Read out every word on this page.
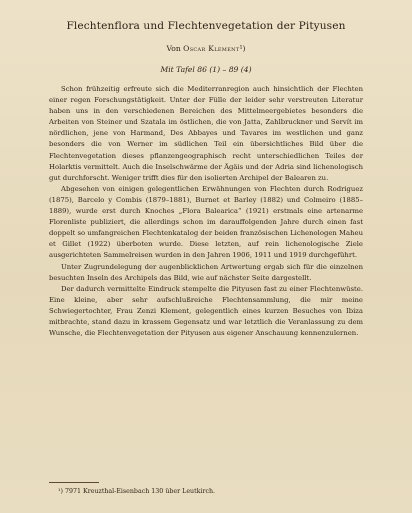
Flechtenflora und Flechtenvegetation der Pityusen
Von Oscar Klement¹)
Mit Tafel 86 (1) – 89 (4)

Schon frühzeitig erfreute sich die Mediterranregion auch hinsichtlich der Flechten einer regen Forschungstätigkeit. Unter der Fülle der leider sehr verstreuten Literatur haben uns in den verschiedenen Bereichen des Mittelmeergebietes besonders die Arbeiten von Steiner und Szatala im östlichen, die von Jatta, Zahlbruckner und Servít im nördlichen, jene von Harmand, Des Abbayes und Tavares im westlichen und ganz besonders die von Werner im südlichen Teil ein übersichtliches Bild über die Flechtenvegetation dieses pflanzengeographisch recht unterschiedlichen Teiles der Holarktis vermittelt. Auch die Inselschwärme der Ägäis und der Adria sind lichenologisch gut durchforscht. Weniger trifft dies für den isolierten Archipel der Balearen zu.

Abgesehen von einigen gelegentlichen Erwähnungen von Flechten durch Rodriguez (1875), Barcelo y Combis (1879–1881), Burnet et Barley (1882) und Colmeiro (1885–1889), wurde erst durch Knoches „Flora Balearica“ (1921) erstmals eine artenarme Florenliste publiziert, die allerdings schon im darauffolgenden Jahre durch einen fast doppelt so umfangreichen Flechtenkatalog der beiden französischen Lichenologen Maheu et Gillet (1922) überboten wurde. Diese letzten, auf rein lichenologische Ziele ausgerichteten Sammelreisen wurden in den Jahren 1906, 1911 und 1919 durchgeführt.

Unter Zugrundelegung der augenblicklichen Artwertung ergab sich für die einzelnen besuchten Inseln des Archipels das Bild, wie auf nächster Seite dargestellt.

Der dadurch vermittelte Eindruck stempelte die Pityusen fast zu einer Flechtenwüste. Eine kleine, aber sehr aufschlußreiche Flechtensammlung, die mir meine Schwiegertochter, Frau Zenzi Klement, gelegentlich eines kurzen Besuches von Ibiza mitbrachte, stand dazu in krassem Gegensatz und war letztlich die Veranlassung zu dem Wunsche, die Flechtenvegetation der Pityusen aus eigener Anschauung kennenzulernen.

¹) 7971 Kreuzthal-Eisenbach 130 über Leutkirch.
